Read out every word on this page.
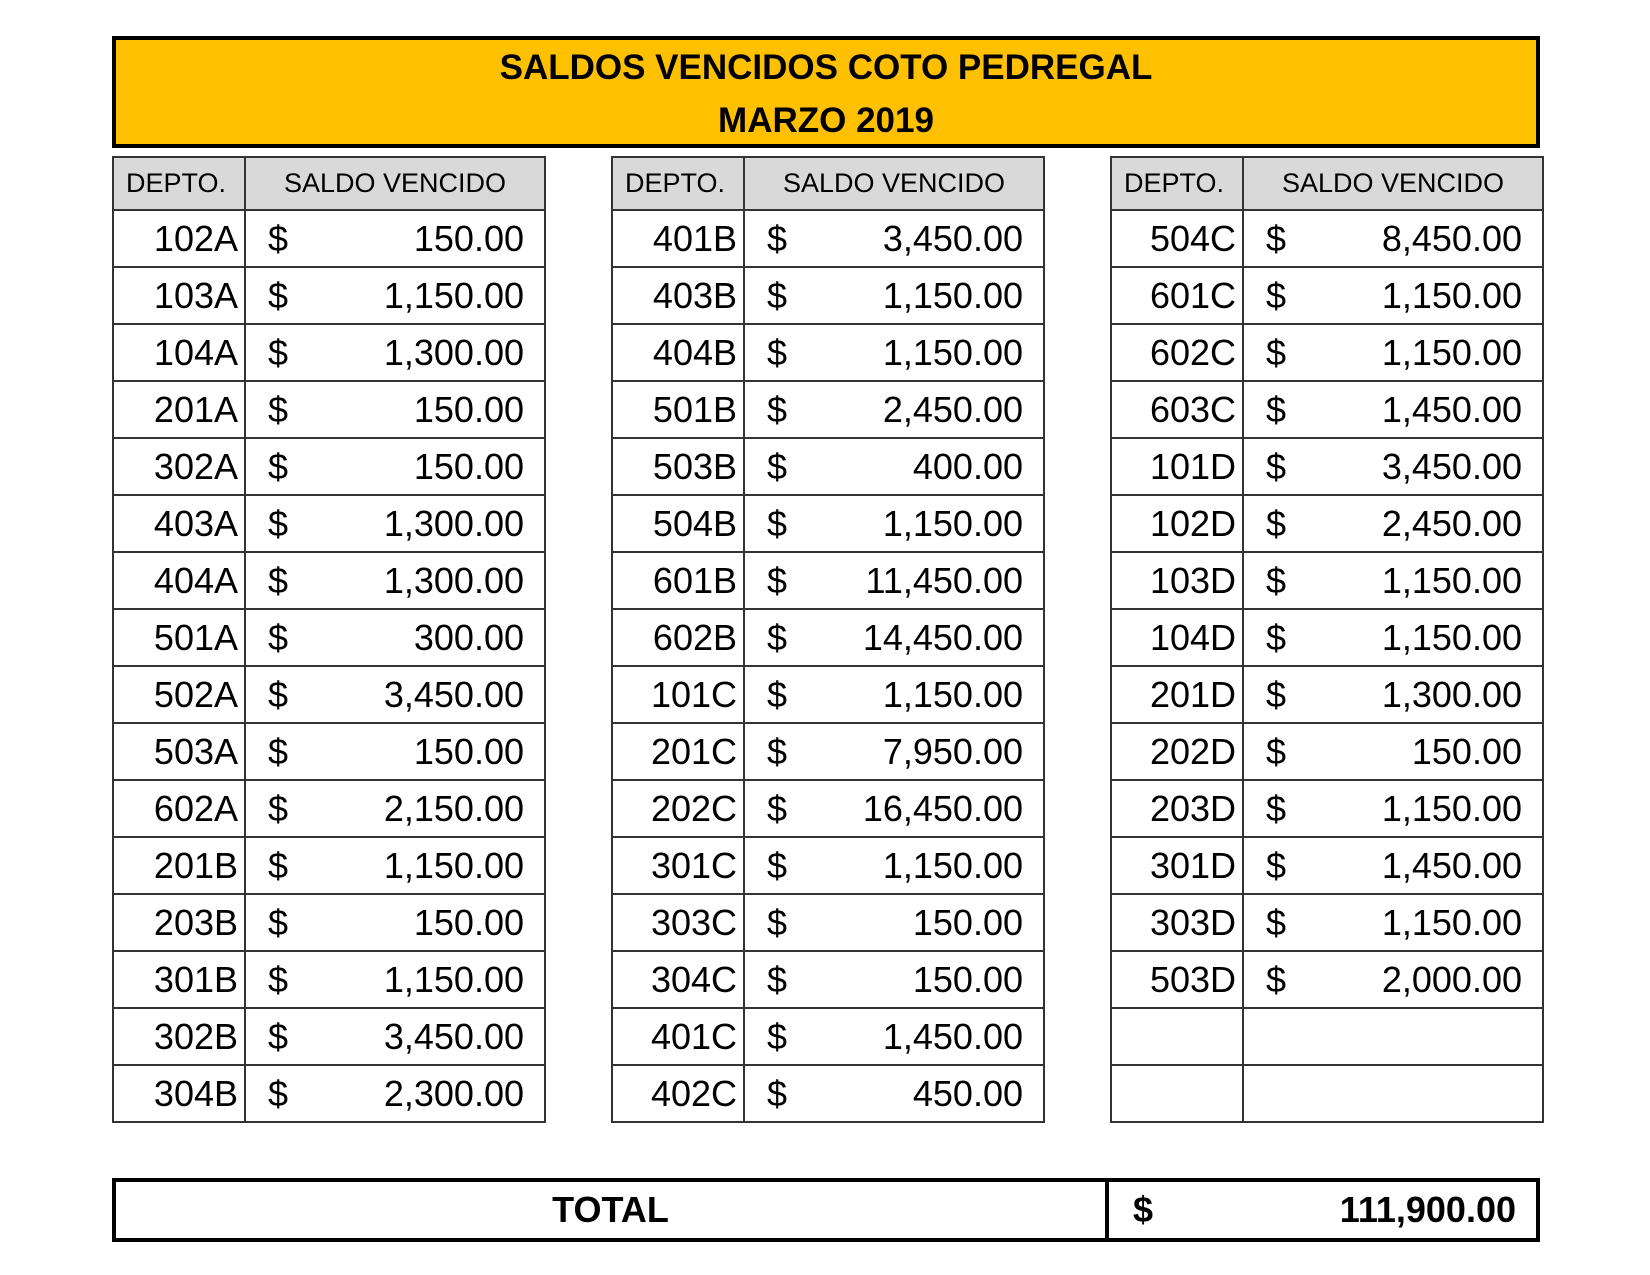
SALDOS VENCIDOS COTO PEDREGAL
MARZO 2019
DEPTO.	SALDO VENCIDO
102A	$ 150.00

103A	$ 1,150.00

104A	$ 1,300.00

201A	$ 150.00

302A	$ 150.00

403A	$ 1,300.00

404A	$ 1,300.00

501A	$ 300.00

502A	$ 3,450.00

503A	$ 150.00

602A	$ 2,150.00

201B	$ 1,150.00

203B	$ 150.00

301B	$ 1,150.00

302B	$ 3,450.00

304B	$ 2,300.00
DEPTO.	SALDO VENCIDO
401B	$ 3,450.00

403B	$ 1,150.00

404B	$ 1,150.00

501B	$ 2,450.00

503B	$ 400.00

504B	$ 1,150.00

601B	$ 11,450.00

602B	$ 14,450.00

101C	$ 1,150.00

201C	$ 7,950.00

202C	$ 16,450.00

301C	$ 1,150.00

303C	$ 150.00

304C	$ 150.00

401C	$ 1,450.00

402C	$ 450.00
DEPTO.	SALDO VENCIDO
504C	$ 8,450.00

601C	$ 1,150.00

602C	$ 1,150.00

603C	$ 1,450.00

101D	$ 3,450.00

102D	$ 2,450.00

103D	$ 1,150.00

104D	$ 1,150.00

201D	$ 1,300.00

202D	$ 150.00

203D	$ 1,150.00

301D	$ 1,450.00

303D	$ 1,150.00

503D	$ 2,000.00

TOTAL	$	111,900.00
